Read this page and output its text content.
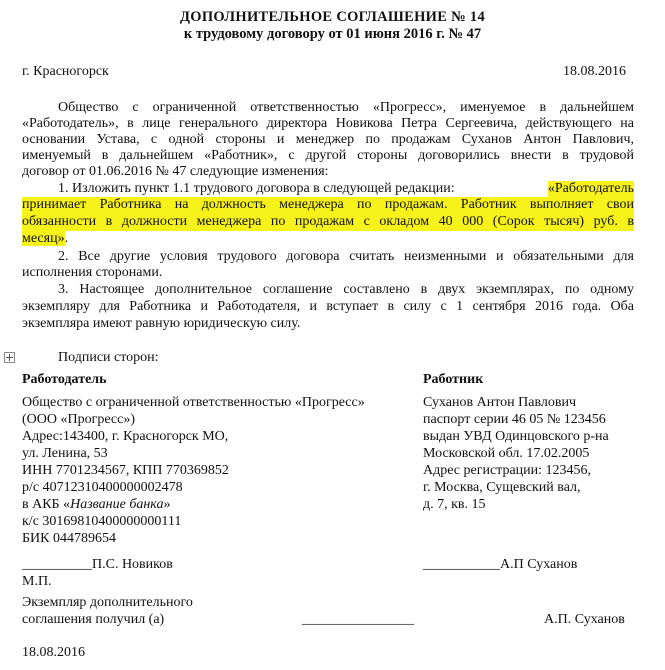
ДОПОЛНИТЕЛЬНОЕ СОГЛАШЕНИЕ № 14
к трудовому договору от 01 июня 2016 г. № 47
г. Красногорск	18.08.2016
Общество с ограниченной ответственностью «Прогресс», именуемое в дальнейшем
«Работодатель», в лице генерального директора Новикова Петра Сергеевича, действующего на
основании Устава, с одной стороны и менеджер по продажам Суханов Антон Павлович,
именуемый в дальнейшем «Работник», с другой стороны договорились внести в трудовой
договор от 01.06.2016 № 47 следующие изменения:
1. Изложить пункт 1.1 трудового договора в следующей редакции:	«Работодатель
принимает Работника на должность менеджера по продажам. Работник выполняет свои
обязанности в должности менеджера по продажам с окладом 40 000 (Сорок тысяч) руб. в
месяц».
2. Все другие условия трудового договора считать неизменными и обязательными для
исполнения сторонами.
3. Настоящее дополнительное соглашение составлено в двух экземплярах, по одному
экземпляру для Работника и Работодателя, и вступает в силу с 1 сентября 2016 года. Оба
экземпляра имеют равную юридическую силу.
Подписи сторон:
Работодатель
Общество с ограниченной ответственностью «Прогресс»
(ООО «Прогресс»)
Адрес:143400, г. Красногорск МО,
ул. Ленина, 53
ИНН 7701234567, КПП 770369852
р/с 40712310400000002478
в АКБ «Название банка»
к/с 30169810400000000111
БИК 044789654
__________П.С. Новиков
М.П.
Работник
Суханов Антон Павлович
паспорт серии 46 05 № 123456
выдан УВД Одинцовского р-на
Московской обл. 17.02.2005
Адрес регистрации: 123456,
г. Москва, Сущевский вал,
д. 7, кв. 15
___________А.П Суханов
Экземпляр дополнительного
соглашения получил (а)	________________	А.П. Суханов
18.08.2016
